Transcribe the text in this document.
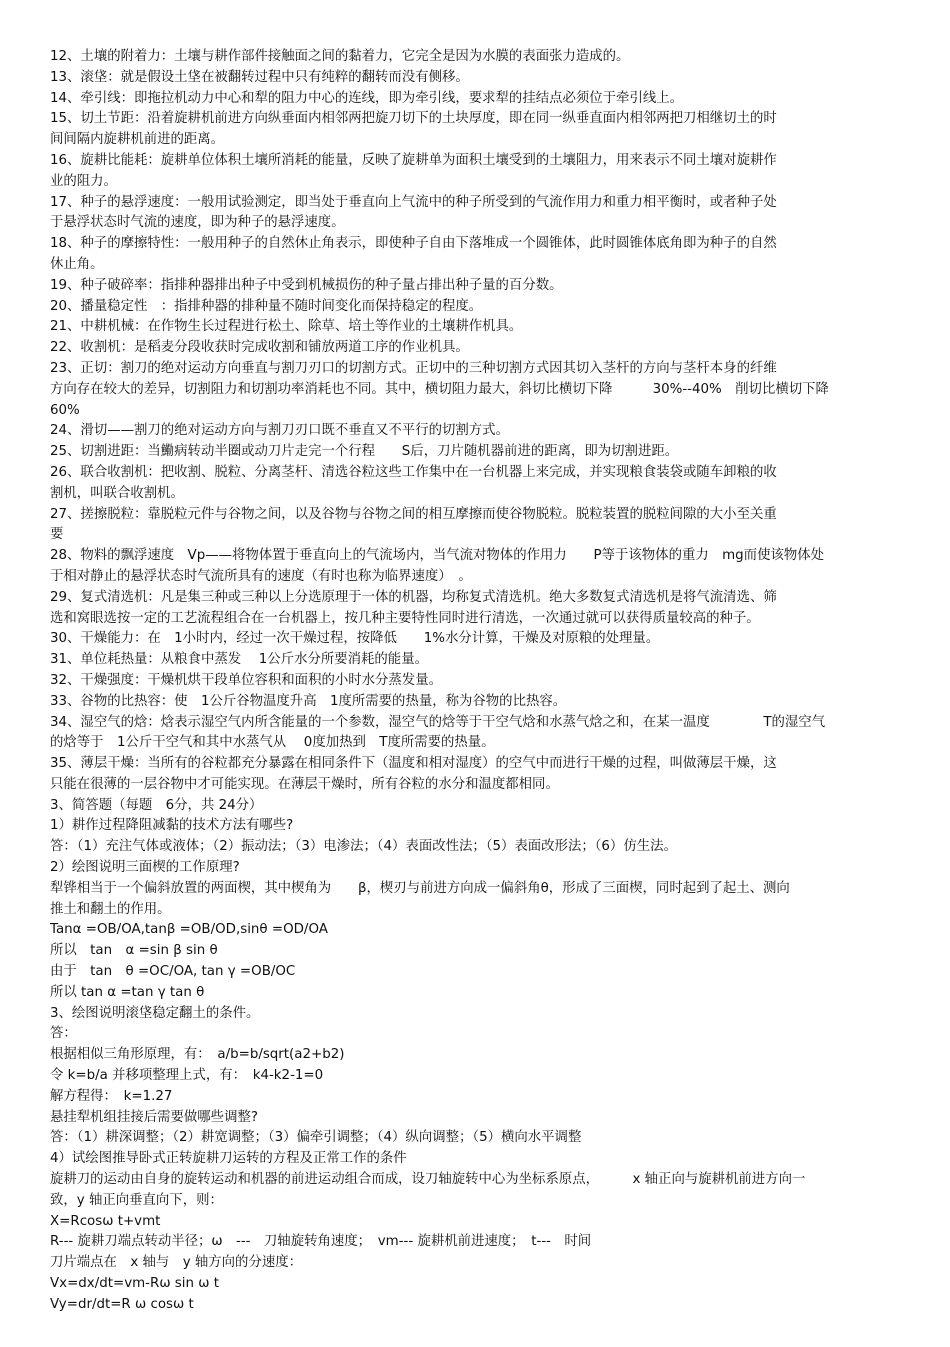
12、土壤的附着力：土壤与耕作部件接触面之间的黏着力，它完全是因为水膜的表面张力造成的。
13、滚垡：就是假设土垡在被翻转过程中只有纯粹的翻转而没有侧移。
14、牵引线：即拖拉机动力中心和犁的阻力中心的连线，即为牵引线，要求犁的挂结点必须位于牵引线上。
15、切土节距：沿着旋耕机前进方向纵垂面内相邻两把旋刀切下的土块厚度，即在同一纵垂直面内相邻两把刀相继切土的时
间间隔内旋耕机前进的距离。
16、旋耕比能耗：旋耕单位体积土壤所消耗的能量，反映了旋耕单为面积土壤受到的土壤阻力，用来表示不同土壤对旋耕作
业的阻力。
17、种子的悬浮速度：一般用试验测定，即当处于垂直向上气流中的种子所受到的气流作用力和重力相平衡时，或者种子处
于悬浮状态时气流的速度，即为种子的悬浮速度。
18、种子的摩擦特性：一般用种子的自然休止角表示，即使种子自由下落堆成一个圆锥体，此时圆锥体底角即为种子的自然
休止角。
19、种子破碎率：指排种器排出种子中受到机械损伤的种子量占排出种子量的百分数。
20、播量稳定性　：指排种器的排种量不随时间变化而保持稳定的程度。
21、中耕机械：在作物生长过程进行松土、除草、培土等作业的土壤耕作机具。
22、收割机：是稻麦分段收获时完成收割和铺放两道工序的作业机具。
23、正切：割刀的绝对运动方向垂直与割刀刃口的切割方式。正切中的三种切割方式因其切入茎杆的方向与茎杆本身的纤维
方向存在较大的差异，切割阻力和切割功率消耗也不同。其中，横切阻力最大，斜切比横切下降　　　30%--40%　削切比横切下降
60%
24、滑切——割刀的绝对运动方向与割刀刃口既不垂直又不平行的切割方式。
25、切割进距：当鰳病转动半圈或动刀片走完一个行程　　S后，刀片随机器前进的距离，即为切割进距。
26、联合收割机：把收割、脱粒、分离茎杆、清选谷粒这些工作集中在一台机器上来完成，并实现粮食装袋或随车卸粮的收
割机，叫联合收割机。
27、搓擦脱粒：靠脱粒元件与谷物之间，以及谷物与谷物之间的相互摩擦而使谷物脱粒。脱粒装置的脱粒间隙的大小至关重
要
28、物料的飘浮速度　Vp——将物体置于垂直向上的气流场内，当气流对物体的作用力　　P等于该物体的重力　mg而使该物体处
于相对静止的悬浮状态时气流所具有的速度（有时也称为临界速度）　。
29、复式清选机：凡是集三种或三种以上分选原理于一体的机器，均称复式清选机。绝大多数复式清选机是将气流清选、筛
选和窝眼选按一定的工艺流程组合在一台机器上，按几种主要特性同时进行清选，一次通过就可以获得质量较高的种子。
30、干燥能力：在　1小时内，经过一次干燥过程，按降低　　1%水分计算，干燥及对原粮的处理量。
31、单位耗热量：从粮食中蒸发　 1公斤水分所要消耗的能量。
32、干燥强度：干燥机烘干段单位容积和面积的小时水分蒸发量。
33、谷物的比热容：使　1公斤谷物温度升高　1度所需要的热量，称为谷物的比热容。
34、湿空气的焓：焓表示湿空气内所含能量的一个参数，湿空气的焓等于干空气焓和水蒸气焓之和，在某一温度　　　　T的湿空气
的焓等于　1公斤干空气和其中水蒸气从　 0度加热到　T度所需要的热量。
35、薄层干燥：当所有的谷粒都充分暴露在相同条件下（温度和相对湿度）的空气中而进行干燥的过程，叫做薄层干燥，这
只能在很薄的一层谷物中才可能实现。在薄层干燥时，所有谷粒的水分和温度都相同。
3、简答题（每题　6分，共 24分）
1）耕作过程降阻减黏的技术方法有哪些?
答：（1）充注气体或液体；（2）振动法；（3）电渗法；（4）表面改性法；（5）表面改形法；（6）仿生法。
2）绘图说明三面楔的工作原理?
犁铧相当于一个偏斜放置的两面楔，其中楔角为　　β，楔刃与前进方向成一偏斜角θ，形成了三面楔，同时起到了起土、测向
推土和翻土的作用。
Tanα =OB/OA,tanβ =OB/OD,sinθ =OD/OA
所以　tan　α =sin β sin θ
由于　tan　θ =OC/OA, tan γ =OB/OC
所以 tan α =tan γ tan θ
3、绘图说明滚垡稳定翻土的条件。
答：
根据相似三角形原理，有：　a/b=b/sqrt(a2+b2)
令 k=b/a 并移项整理上式，有：　k4-k2-1=0
解方程得：　k=1.27
悬挂犁机组挂接后需要做哪些调整?
答：（1）耕深调整；（2）耕宽调整；（3）偏牵引调整；（4）纵向调整；（5）横向水平调整
4）试绘图推导卧式正转旋耕刀运转的方程及正常工作的条件
旋耕刀的运动由自身的旋转运动和机器的前进运动组合而成，设刀轴旋转中心为坐标系原点，　　　x 轴正向与旋耕机前进方向一
致，y 轴正向垂直向下，则：
X=Rcosω t+vmt
R--- 旋耕刀端点转动半径；ω　---　刀轴旋转角速度；　vm--- 旋耕机前进速度；　t---　时间
刀片端点在　x 轴与　y 轴方向的分速度：
Vx=dx/dt=vm-Rω sin ω t
Vy=dr/dt=R ω cosω t
